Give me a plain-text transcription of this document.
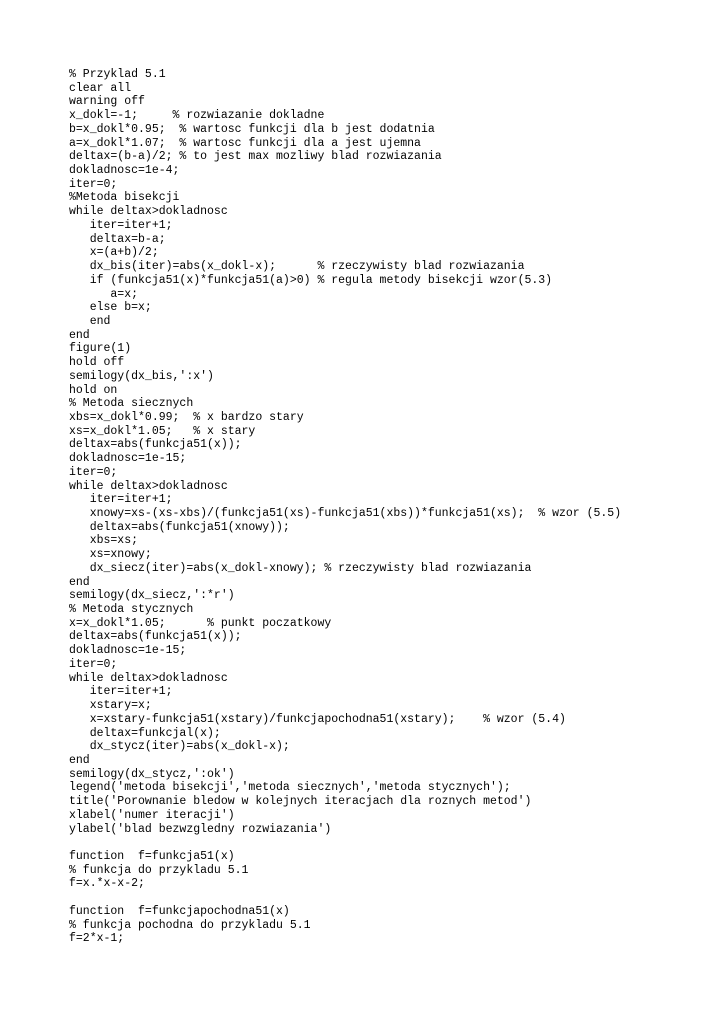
% Przyklad 5.1
clear all
warning off
x_dokl=-1;     % rozwiazanie dokladne
b=x_dokl*0.95;  % wartosc funkcji dla b jest dodatnia
a=x_dokl*1.07;  % wartosc funkcji dla a jest ujemna
deltax=(b-a)/2; % to jest max mozliwy blad rozwiazania
dokladnosc=1e-4;
iter=0;
%Metoda bisekcji
while deltax>dokladnosc
iter=iter+1;
deltax=b-a;
x=(a+b)/2;
dx_bis(iter)=abs(x_dokl-x);      % rzeczywisty blad rozwiazania
if (funkcja51(x)*funkcja51(a)>0) % regula metody bisekcji wzor(5.3)
a=x;
else b=x;
end
end
figure(1)
hold off
semilogy(dx_bis,':x')
hold on
% Metoda siecznych
xbs=x_dokl*0.99;  % x bardzo stary
xs=x_dokl*1.05;   % x stary
deltax=abs(funkcja51(x));
dokladnosc=1e-15;
iter=0;
while deltax>dokladnosc
iter=iter+1;
xnowy=xs-(xs-xbs)/(funkcja51(xs)-funkcja51(xbs))*funkcja51(xs);  % wzor (5.5)
deltax=abs(funkcja51(xnowy));
xbs=xs;
xs=xnowy;
dx_siecz(iter)=abs(x_dokl-xnowy); % rzeczywisty blad rozwiazania
end
semilogy(dx_siecz,':*r')
% Metoda stycznych
x=x_dokl*1.05;      % punkt poczatkowy
deltax=abs(funkcja51(x));
dokladnosc=1e-15;
iter=0;
while deltax>dokladnosc
iter=iter+1;
xstary=x;
x=xstary-funkcja51(xstary)/funkcjapochodna51(xstary);    % wzor (5.4)
deltax=funkcjal(x);
dx_stycz(iter)=abs(x_dokl-x);
end
semilogy(dx_stycz,':ok')
legend('metoda bisekcji','metoda siecznych','metoda stycznych');
title('Porownanie bledow w kolejnych iteracjach dla roznych metod')
xlabel('numer iteracji')
ylabel('blad bezwzgledny rozwiazania')
function  f=funkcja51(x)
% funkcja do przykladu 5.1
f=x.*x-x-2;
function  f=funkcjapochodna51(x)
% funkcja pochodna do przykladu 5.1
f=2*x-1;
